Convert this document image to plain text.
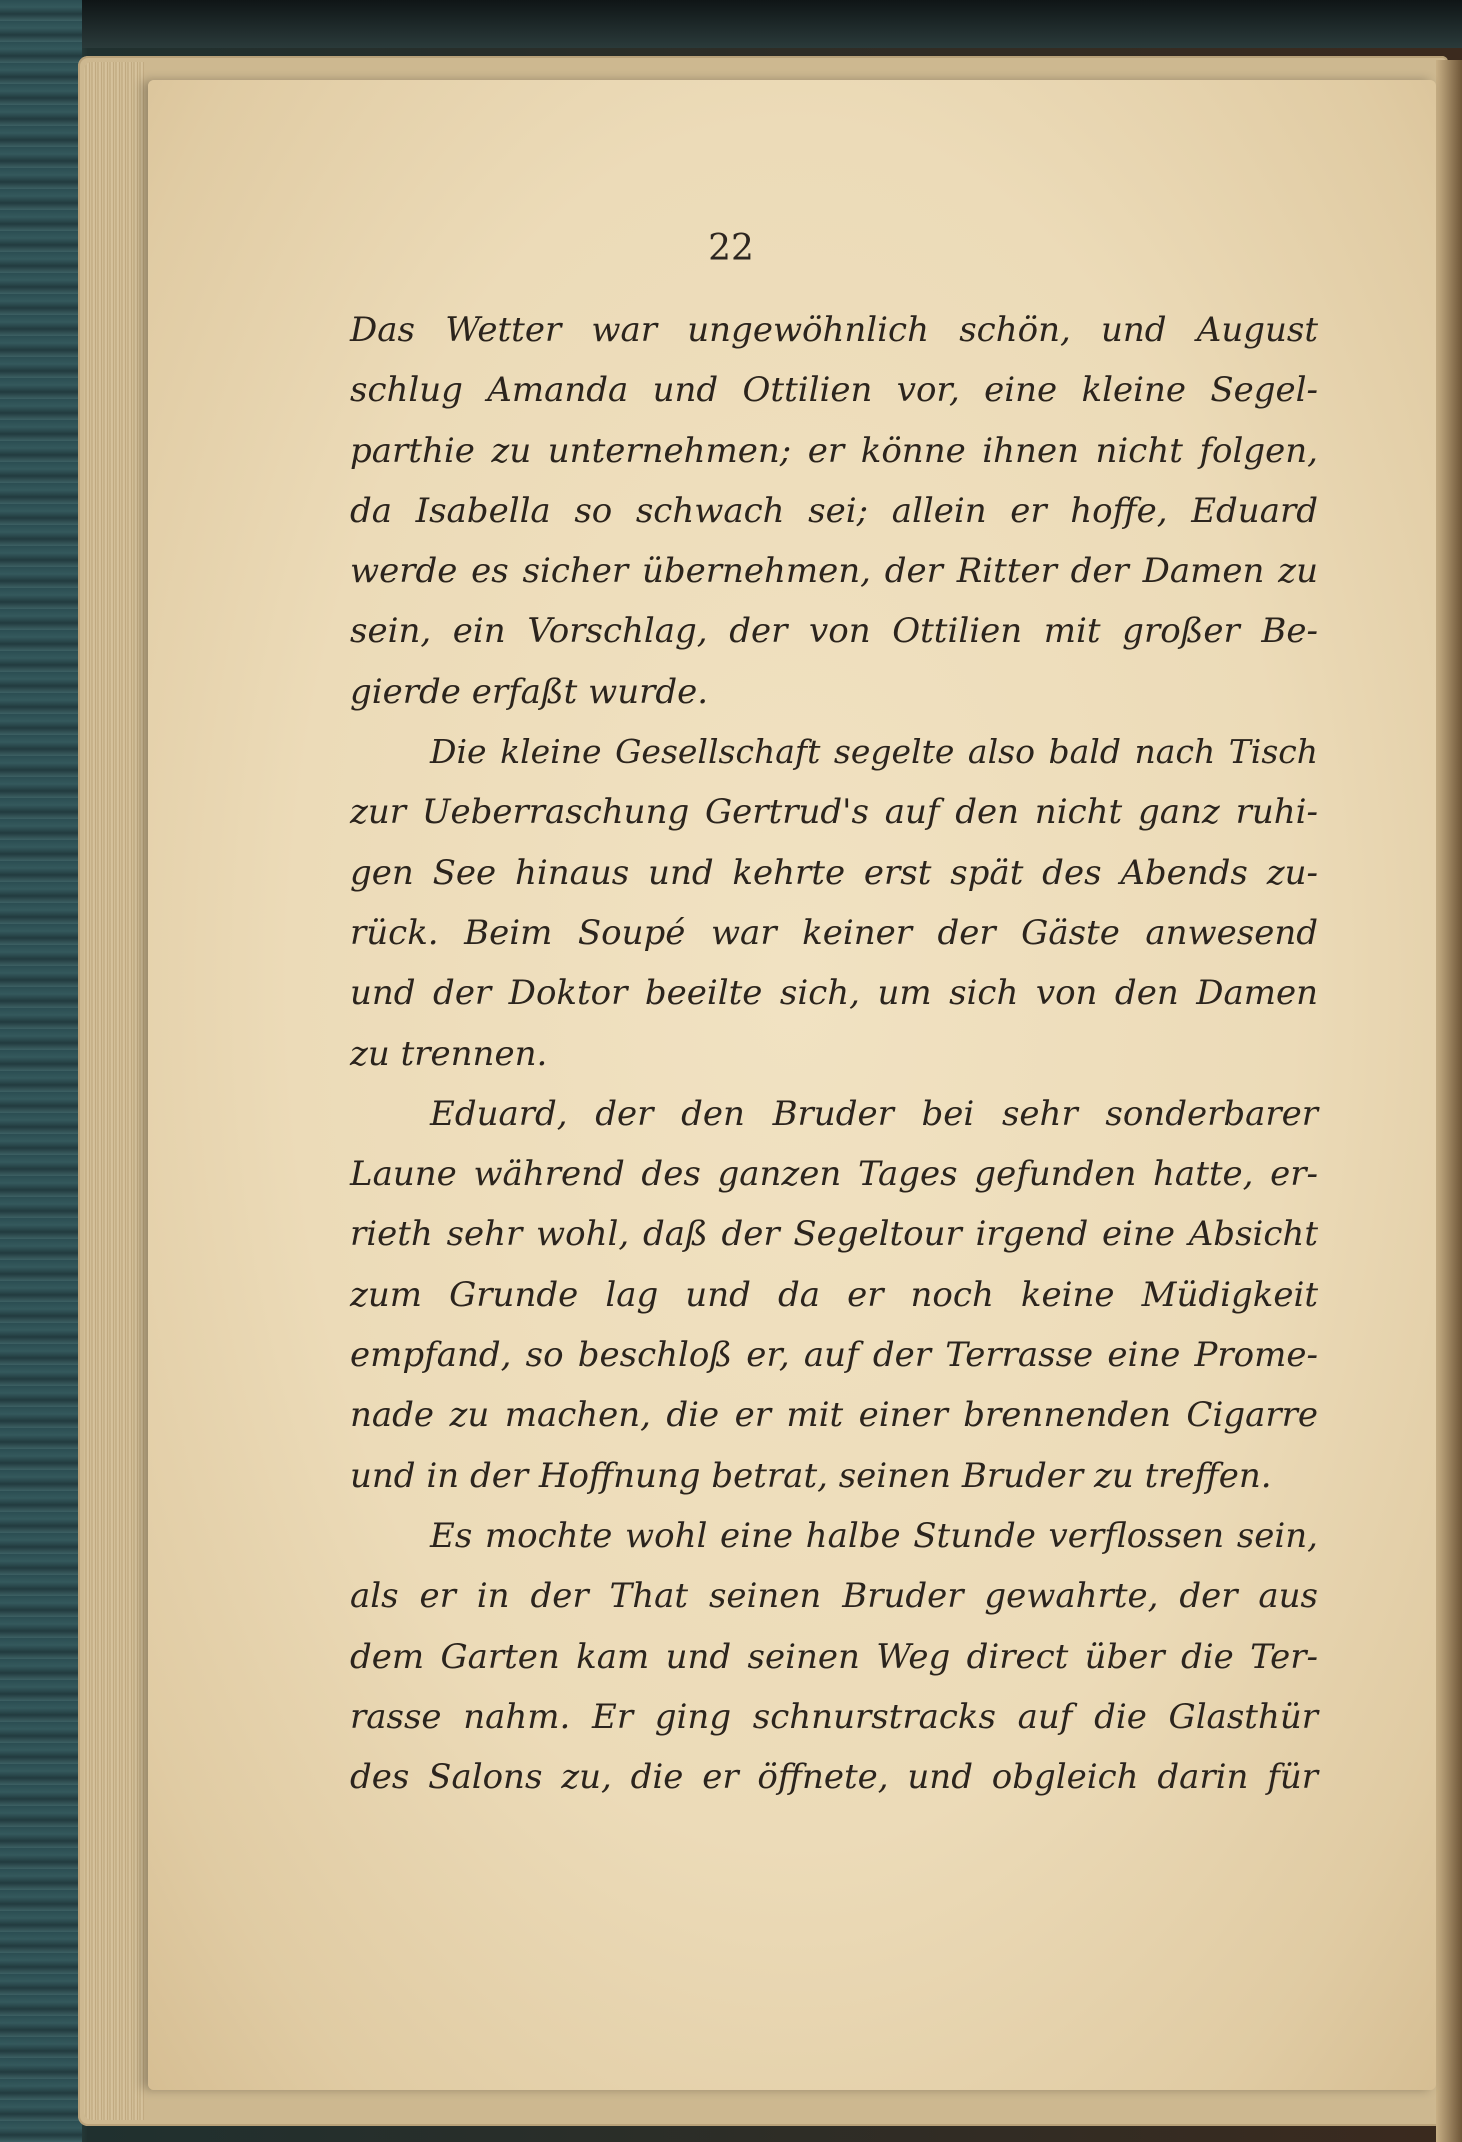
22
Das Wetter war ungewöhnlich schön, und August
schlug Amanda und Ottilien vor, eine kleine Segel-
parthie zu unternehmen; er könne ihnen nicht folgen,
da Isabella so schwach sei; allein er hoffe, Eduard
werde es sicher übernehmen, der Ritter der Damen zu
sein, ein Vorschlag, der von Ottilien mit großer Be-
gierde erfaßt wurde.
Die kleine Gesellschaft segelte also bald nach Tisch
zur Ueberraschung Gertrud's auf den nicht ganz ruhi-
gen See hinaus und kehrte erst spät des Abends zu-
rück. Beim Soupé war keiner der Gäste anwesend
und der Doktor beeilte sich, um sich von den Damen
zu trennen.
Eduard, der den Bruder bei sehr sonderbarer
Laune während des ganzen Tages gefunden hatte, er-
rieth sehr wohl, daß der Segeltour irgend eine Absicht
zum Grunde lag und da er noch keine Müdigkeit
empfand, so beschloß er, auf der Terrasse eine Prome-
nade zu machen, die er mit einer brennenden Cigarre
und in der Hoffnung betrat, seinen Bruder zu treffen.
Es mochte wohl eine halbe Stunde verflossen sein,
als er in der That seinen Bruder gewahrte, der aus
dem Garten kam und seinen Weg direct über die Ter-
rasse nahm. Er ging schnurstracks auf die Glasthür
des Salons zu, die er öffnete, und obgleich darin für
